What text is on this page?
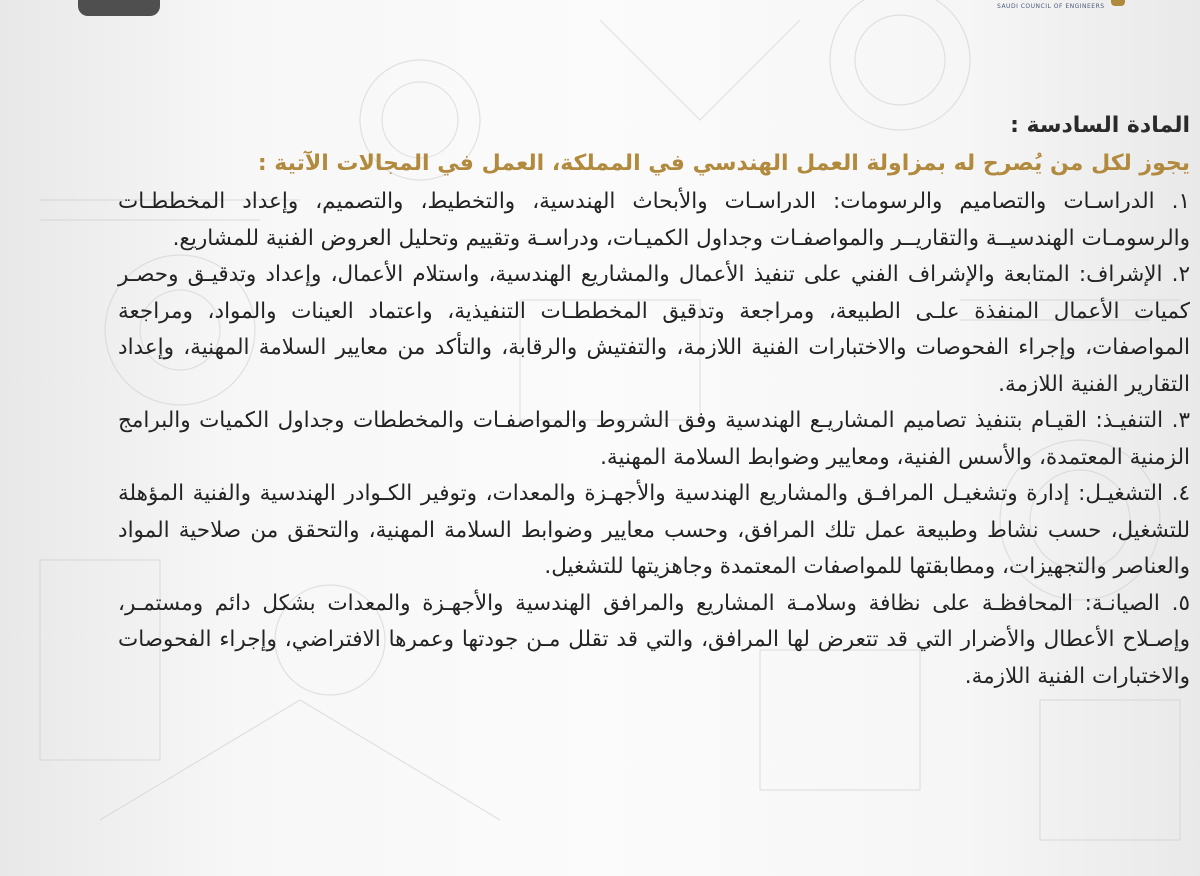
SAUDI COUNCIL OF ENGINEERS

المادة السادسة :

يجوز لكل من يُصرح له بمزاولة العمل الهندسي في المملكة، العمل في المجالات الآتية :

١. الدراسـات والتصاميم والرسومات: الدراسـات والأبحاث الهندسية، والتخطيط، والتصميم، وإعداد المخططـات والرسومـات الهندسيــة والتقاريــر والمواصفـات وجداول الكميـات، ودراسـة وتقييم وتحليل العروض الفنية للمشاريع.

٢. الإشراف: المتابعة والإشراف الفني على تنفيذ الأعمال والمشاريع الهندسية، واستلام الأعمال، وإعداد وتدقيـق وحصـر كميات الأعمال المنفذة علـى الطبيعة، ومراجعة وتدقيق المخططـات التنفيذية، واعتماد العينات والمواد، ومراجعة المواصفات، وإجراء الفحوصات والاختبارات الفنية اللازمة، والتفتيش والرقابة، والتأكد من معايير السلامة المهنية، وإعداد التقارير الفنية اللازمة.

٣. التنفيـذ: القيـام بتنفيذ تصاميم المشاريـع الهندسية وفق الشروط والمواصفـات والمخططات وجداول الكميات والبرامج الزمنية المعتمدة، والأسس الفنية، ومعايير وضوابط السلامة المهنية.

٤. التشغيـل: إدارة وتشغيـل المرافـق والمشاريع الهندسية والأجهـزة والمعدات، وتوفير الكـوادر الهندسية والفنية المؤهلة للتشغيل، حسب نشاط وطبيعة عمل تلك المرافق، وحسب معايير وضوابط السلامة المهنية، والتحقق من صلاحية المواد والعناصر والتجهيزات، ومطابقتها للمواصفات المعتمدة وجاهزيتها للتشغيل.

٥. الصيانـة: المحافظـة على نظافة وسلامـة المشاريع والمرافق الهندسية والأجهـزة والمعدات بشكل دائم ومستمـر، وإصـلاح الأعطال والأضرار التي قد تتعرض لها المرافق، والتي قد تقلل مـن جودتها وعمرها الافتراضي، وإجراء الفحوصات والاختبارات الفنية اللازمة.
